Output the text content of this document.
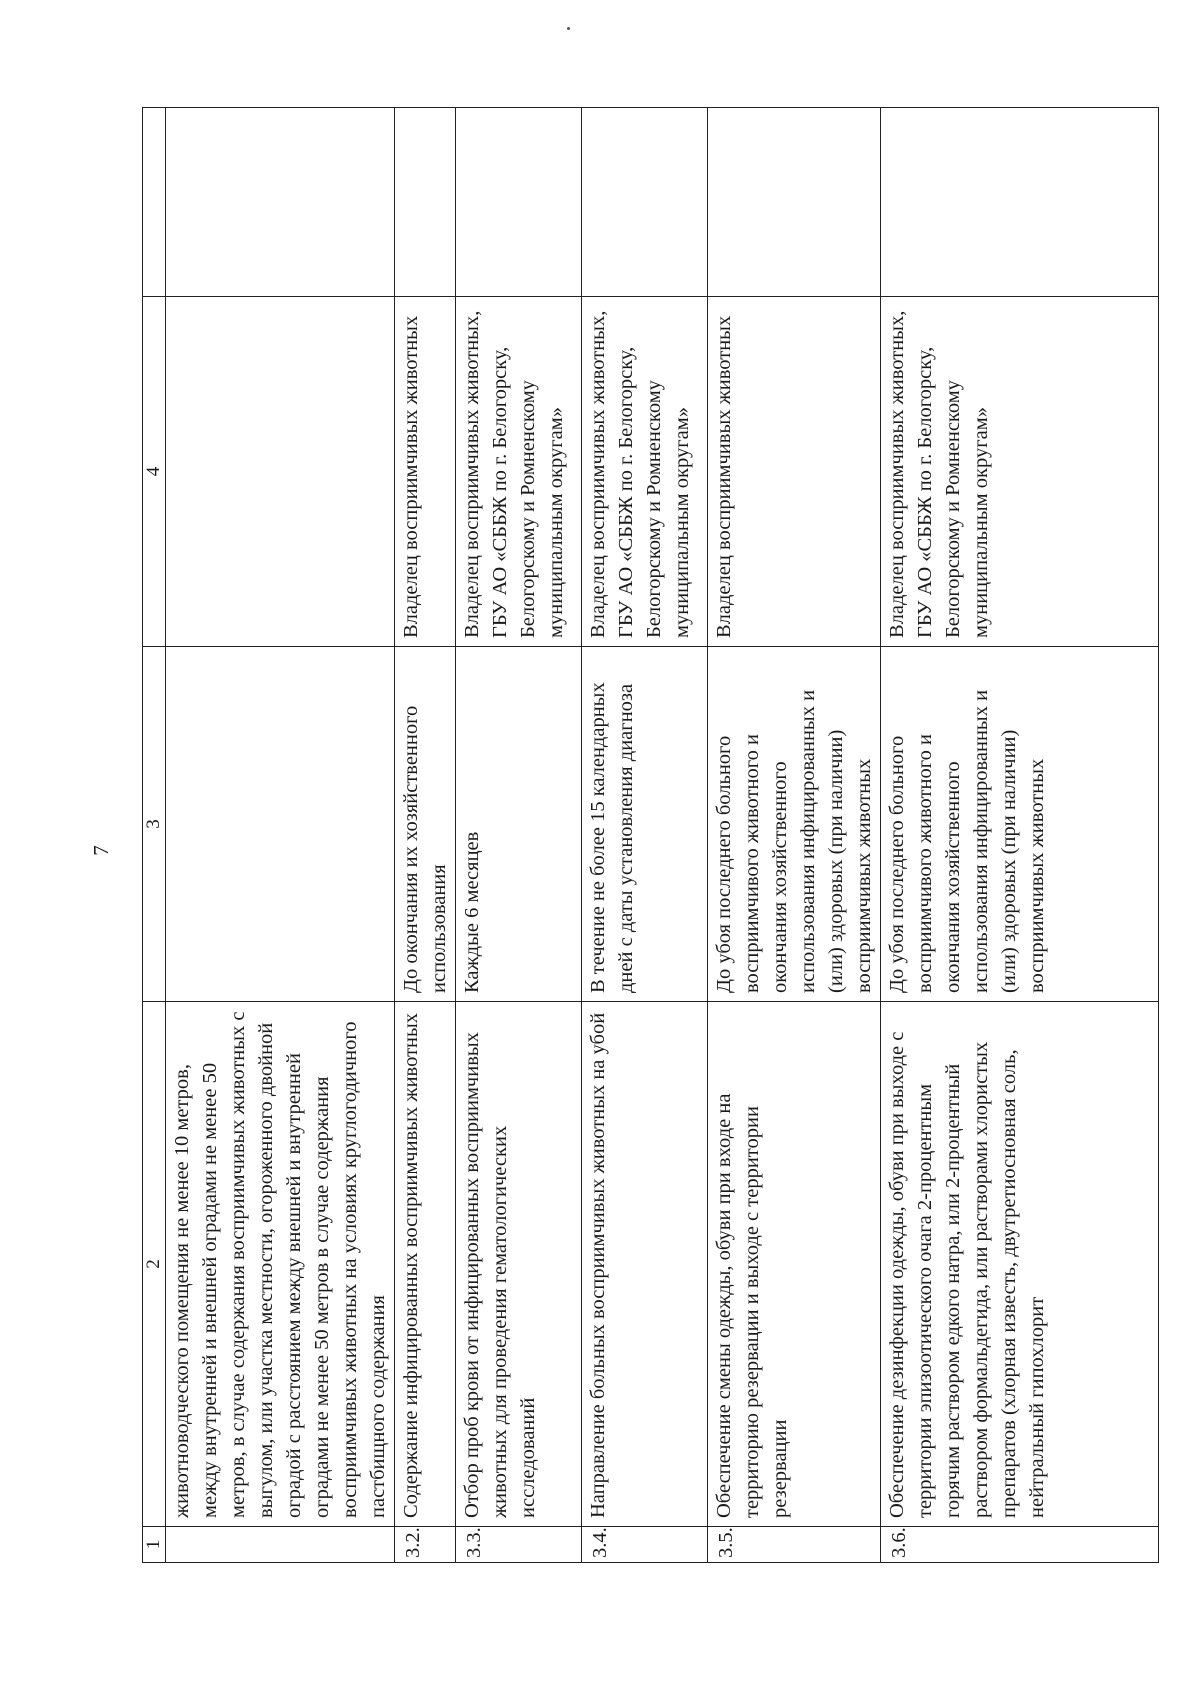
7
1	2	3	4	
	животноводческого помещения не менее 10 метров, между внутренней и внешней оградами не менее 50 метров, в случае содержания восприимчивых животных с выгулом, или участка местности, огороженного двойной оградой с расстоянием между внешней и внутренней оградами не менее 50 метров в случае содержания восприимчивых животных на условиях круглогодичного пастбищного содержания			
3.2.	Содержание инфицированных восприимчивых животных	До окончания их хозяйственного использования	Владелец восприимчивых животных	
3.3.	Отбор проб крови от инфицированных восприимчивых животных для проведения гематологических исследований	Каждые 6 месяцев	Владелец восприимчивых животных, ГБУ АО «СББЖ по г. Белогорску, Белогорскому и Ромненскому муниципальным округам»	
3.4.	Направление больных восприимчивых животных на убой	В течение не более 15 календарных дней с даты установления диагноза	Владелец восприимчивых животных, ГБУ АО «СББЖ по г. Белогорску, Белогорскому и Ромненскому муниципальным округам»	
3.5.	Обеспечение смены одежды, обуви при входе на территорию резервации и выходе с территории резервации	До убоя последнего больного восприимчивого животного и окончания хозяйственного использования инфицированных и (или) здоровых (при наличии) восприимчивых животных	Владелец восприимчивых животных	
3.6.	Обеспечение дезинфекции одежды, обуви при выходе с территории эпизоотического очага 2-процентным горячим раствором едкого натра, или 2-процентный раствором формальдегида, или растворами хлористых препаратов (хлорная известь, двутретиосновная соль, нейтральный гипохлорит	До убоя последнего больного восприимчивого животного и окончания хозяйственного использования инфицированных и (или) здоровых (при наличии) восприимчивых животных	Владелец восприимчивых животных, ГБУ АО «СББЖ по г. Белогорску, Белогорскому и Ромненскому муниципальным округам»	
